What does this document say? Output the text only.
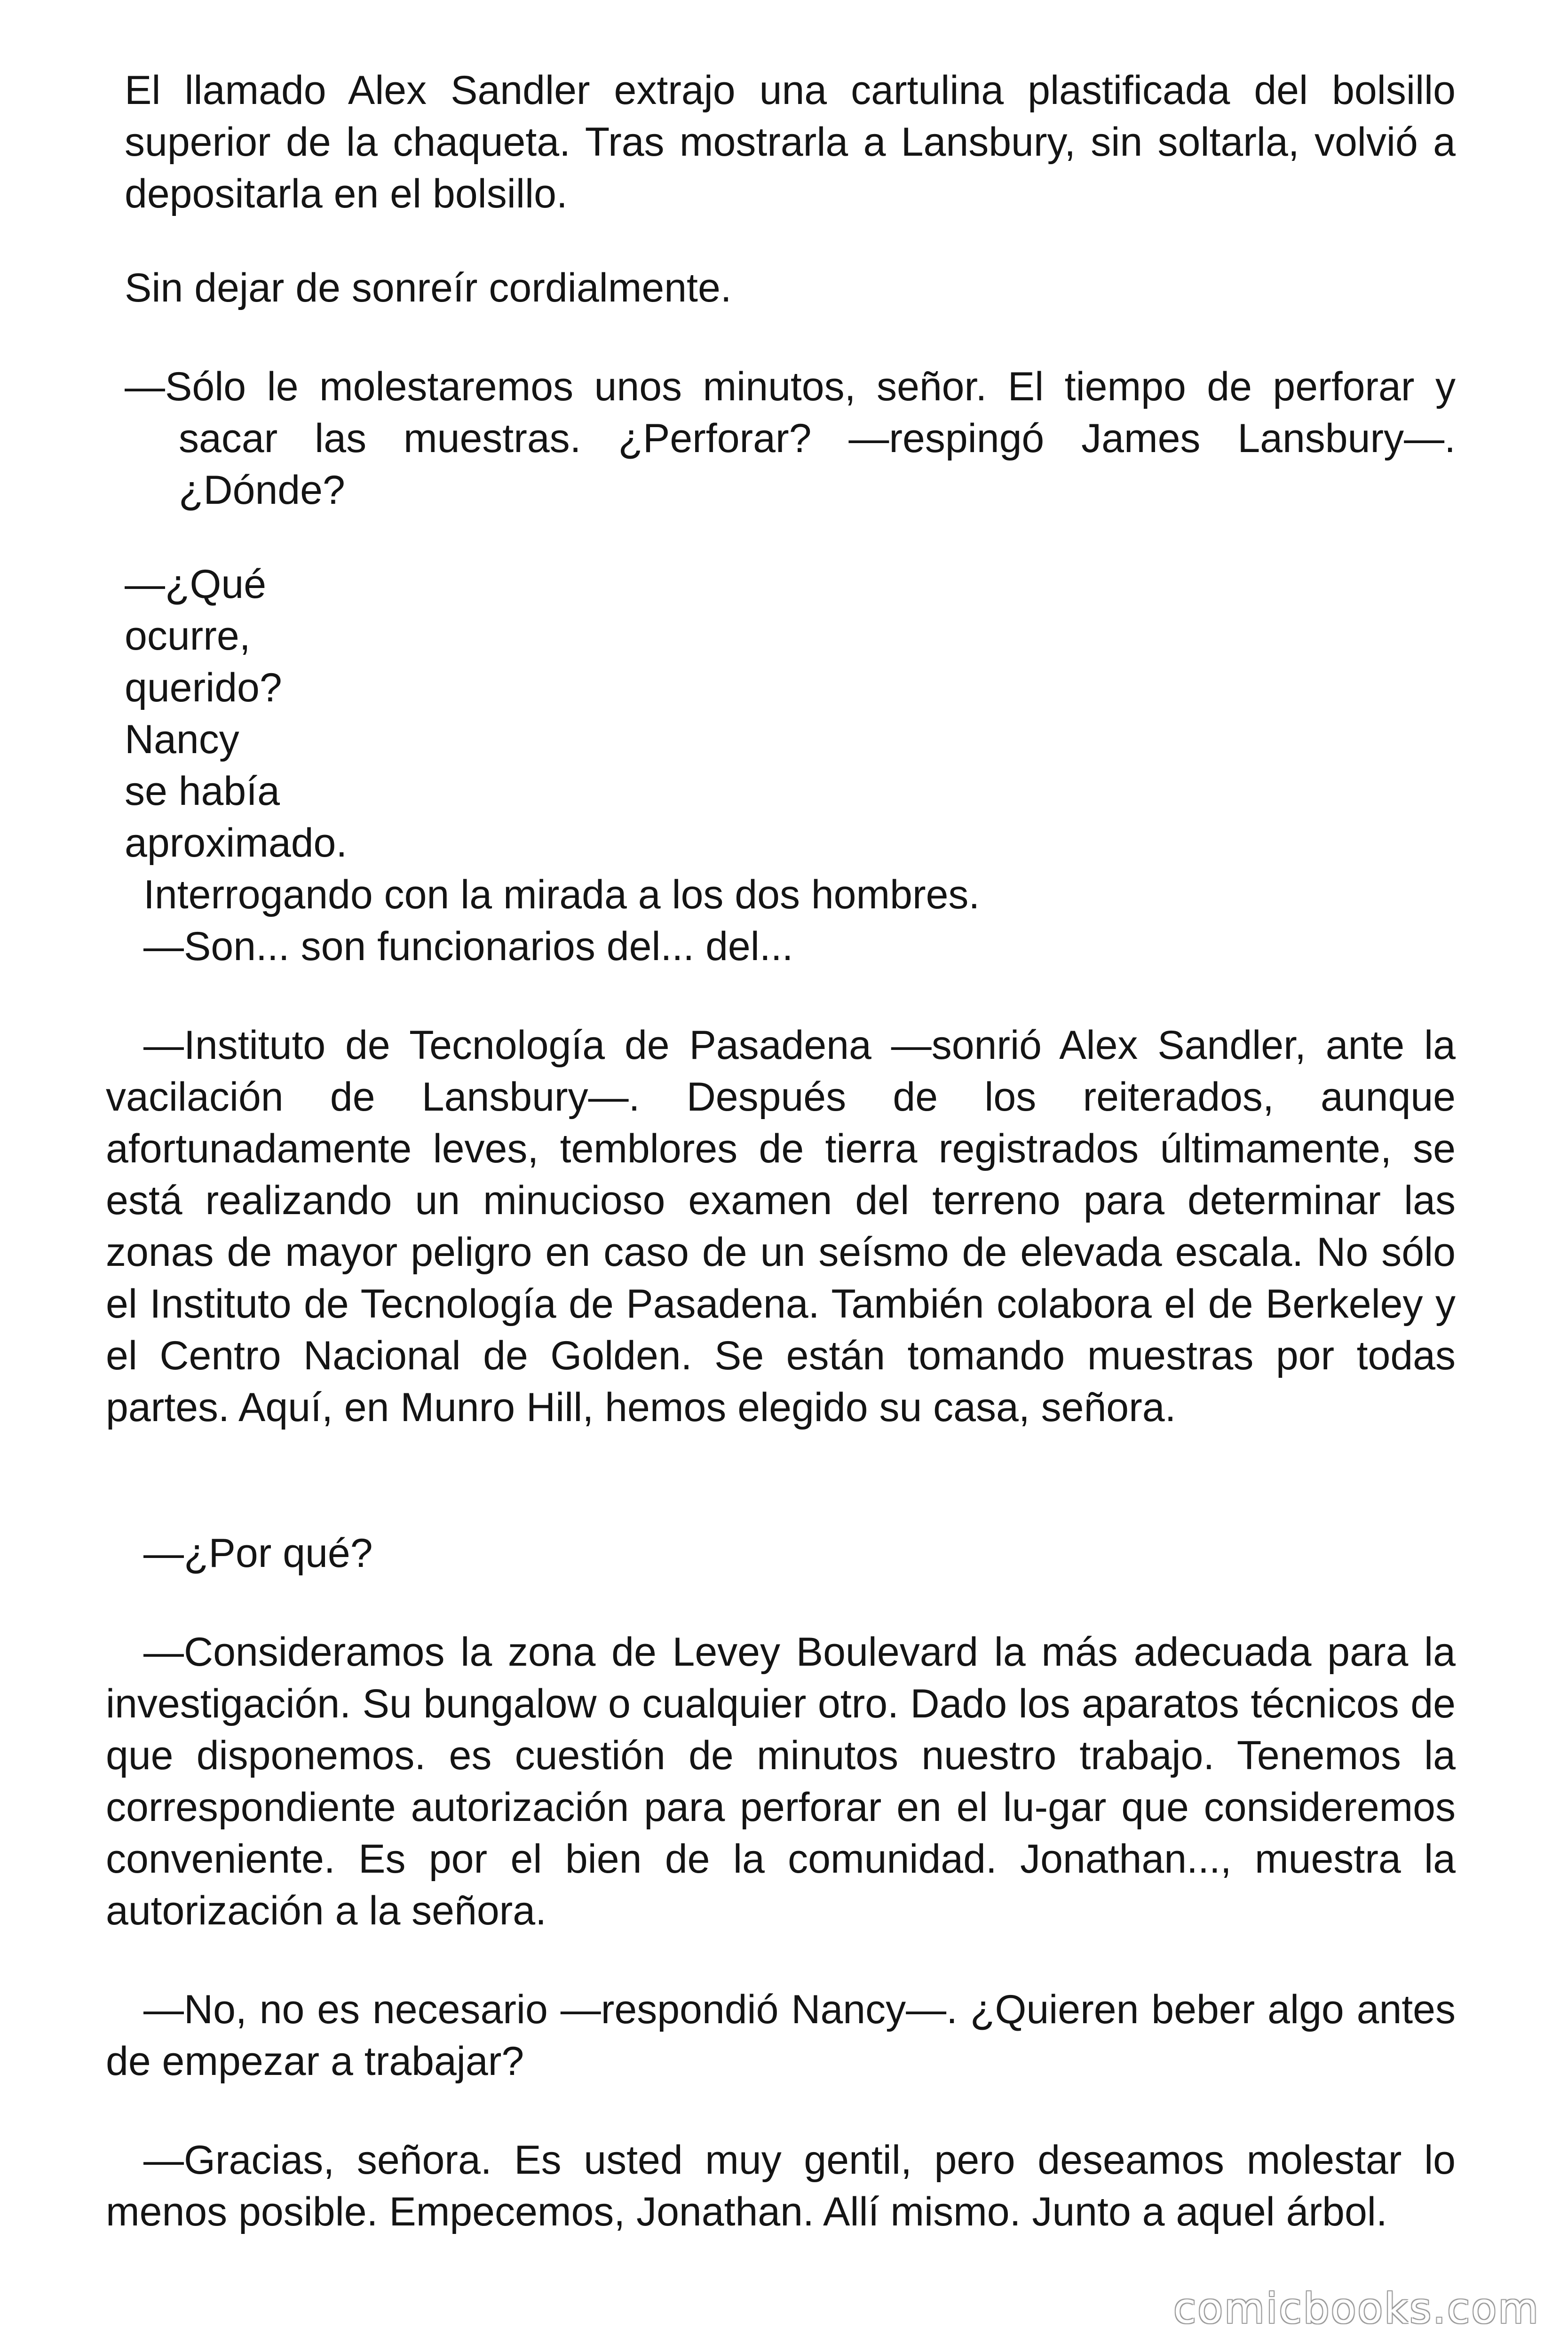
El llamado Alex Sandler extrajo una cartulina plastificada del bolsillo superior de la chaqueta. Tras mostrarla a Lansbury, sin soltarla, volvió a depositarla en el bolsillo.

Sin dejar de sonreír cordialmente.

—Sólo le molestaremos unos minutos, señor. El tiempo de perforar y sacar las muestras. ¿Perforar? —respingó James Lansbury—. ¿Dónde?

—¿Qué
ocurre,
querido?
Nancy
se había
aproximado.

Interrogando con la mirada a los dos hombres.

—Son... son funcionarios del... del...

—Instituto de Tecnología de Pasadena —sonrió Alex Sandler, ante la vacilación de Lansbury—. Después de los reiterados, aunque afortunadamente leves, temblores de tierra registrados últimamente, se está realizando un minucioso examen del terreno para determinar las zonas de mayor peligro en caso de un seísmo de elevada escala. No sólo el Instituto de Tecnología de Pasadena. También colabora el de Berkeley y el Centro Nacional de Golden. Se están tomando muestras por todas partes. Aquí, en Munro Hill, hemos elegido su casa, señora.

—¿Por qué?

—Consideramos la zona de Levey Boulevard la más adecuada para la investigación. Su bungalow o cualquier otro. Dado los aparatos técnicos de que disponemos. es cuestión de minutos nuestro trabajo. Tenemos la correspondiente autorización para perforar en el lu-gar que consideremos conveniente. Es por el bien de la comunidad. Jonathan..., muestra la autorización a la señora.

—No, no es necesario —respondió Nancy—. ¿Quieren beber algo antes de empezar a trabajar?

—Gracias, señora. Es usted muy gentil, pero deseamos molestar lo menos posible. Empecemos, Jonathan. Allí mismo. Junto a aquel árbol.

comicbooks.com
